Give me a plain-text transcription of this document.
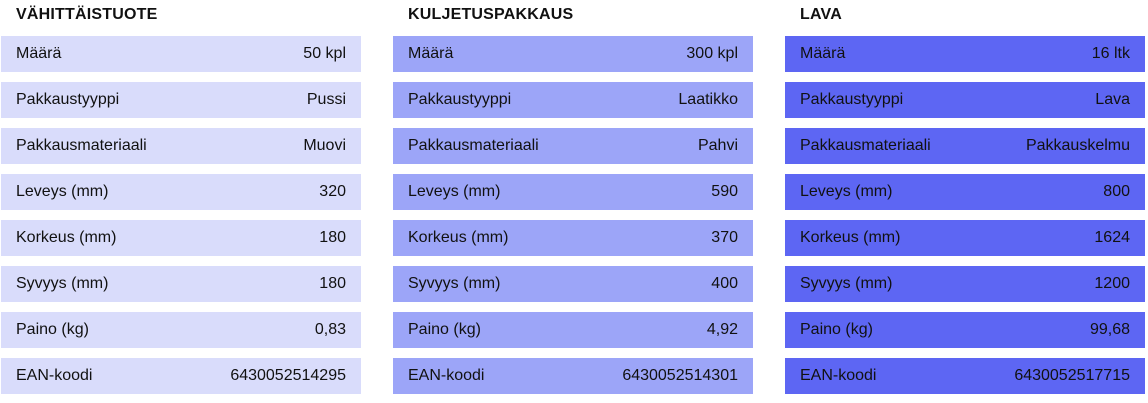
VÄHITTÄISTUOTE
Määrä	50 kpl
Pakkaustyyppi	Pussi
Pakkausmateriaali	Muovi
Leveys (mm)	320
Korkeus (mm)	180
Syvyys (mm)	180
Paino (kg)	0,83
EAN-koodi	6430052514295
KULJETUSPAKKAUS
Määrä	300 kpl
Pakkaustyyppi	Laatikko
Pakkausmateriaali	Pahvi
Leveys (mm)	590
Korkeus (mm)	370
Syvyys (mm)	400
Paino (kg)	4,92
EAN-koodi	6430052514301
LAVA
Määrä	16 ltk
Pakkaustyyppi	Lava
Pakkausmateriaali	Pakkauskelmu
Leveys (mm)	800
Korkeus (mm)	1624
Syvyys (mm)	1200
Paino (kg)	99,68
EAN-koodi	6430052517715
